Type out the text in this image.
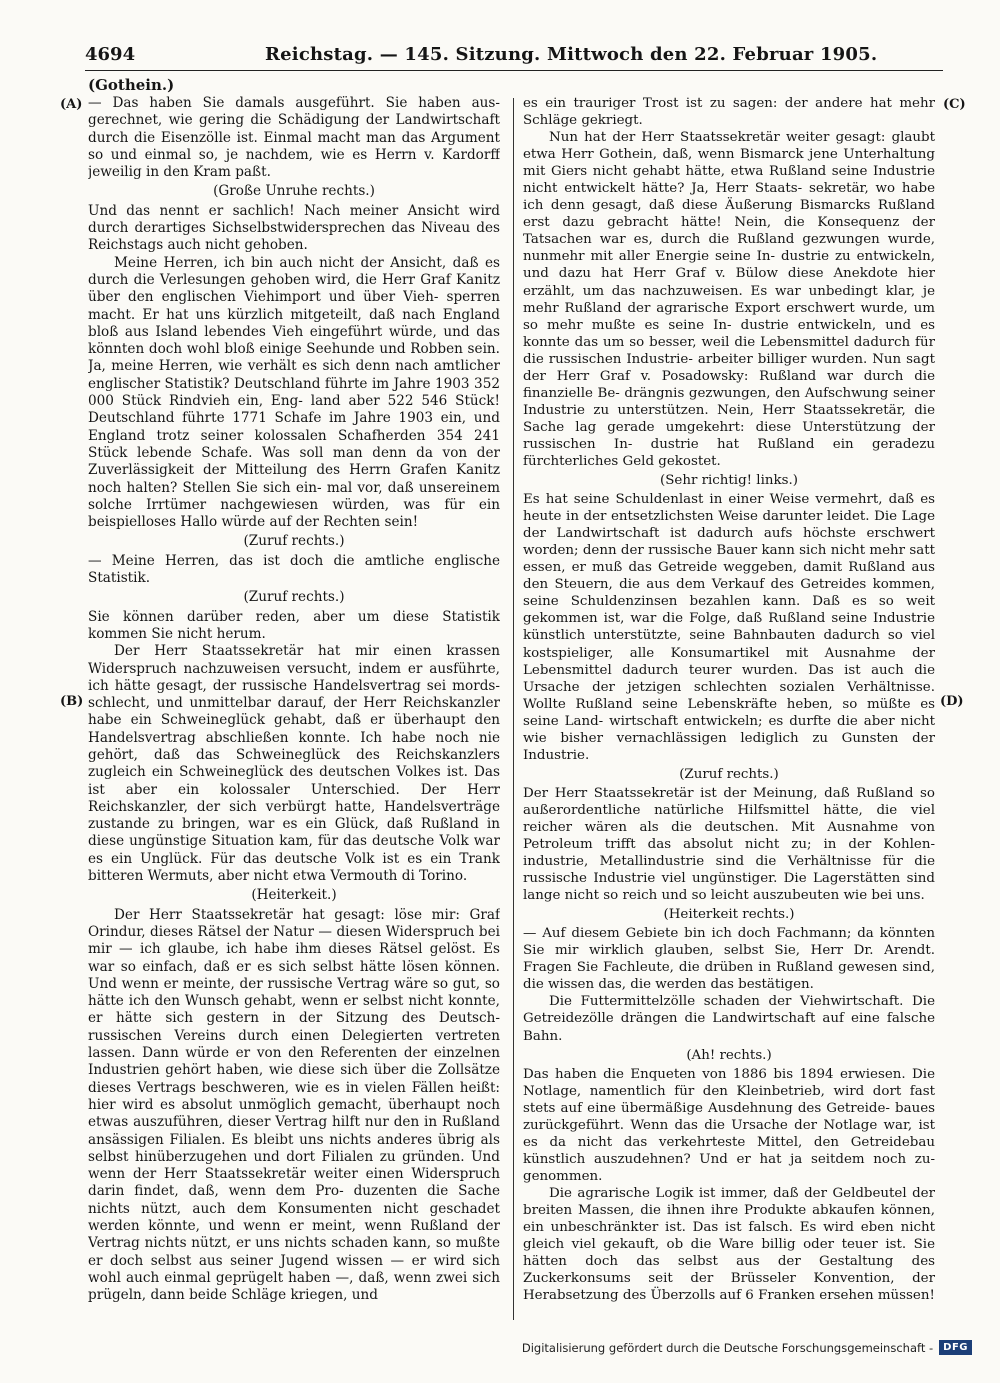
4694	Reichstag. — 145. Sitzung. Mittwoch den 22. Februar 1905.
(Gothein.)
(A)
(B)
(C)
(D)

— Das haben Sie damals ausgeführt. Sie haben aus- gerechnet, wie gering die Schädigung der Landwirtschaft durch die Eisenzölle ist. Einmal macht man das Argument so und einmal so, je nachdem, wie es Herrn v. Kardorff jeweilig in den Kram paßt.

(Große Unruhe rechts.)

Und das nennt er sachlich! Nach meiner Ansicht wird durch derartiges Sichselbstwidersprechen das Niveau des Reichstags auch nicht gehoben.

Meine Herren, ich bin auch nicht der Ansicht, daß es durch die Verlesungen gehoben wird, die Herr Graf Kanitz über den englischen Viehimport und über Vieh- sperren macht. Er hat uns kürzlich mitgeteilt, daß nach England bloß aus Island lebendes Vieh eingeführt würde, und das könnten doch wohl bloß einige Seehunde und Robben sein. Ja, meine Herren, wie verhält es sich denn nach amtlicher englischer Statistik? Deutschland führte im Jahre 1903 352 000 Stück Rindvieh ein, Eng- land aber 522 546 Stück! Deutschland führte 1771 Schafe im Jahre 1903 ein, und England trotz seiner kolossalen Schafherden 354 241 Stück lebende Schafe. Was soll man denn da von der Zuverlässigkeit der Mitteilung des Herrn Grafen Kanitz noch halten? Stellen Sie sich ein- mal vor, daß unsereinem solche Irrtümer nachgewiesen würden, was für ein beispielloses Hallo würde auf der Rechten sein!

(Zuruf rechts.)

— Meine Herren, das ist doch die amtliche englische Statistik.

(Zuruf rechts.)

Sie können darüber reden, aber um diese Statistik kommen Sie nicht herum.

Der Herr Staatssekretär hat mir einen krassen Widerspruch nachzuweisen versucht, indem er ausführte, ich hätte gesagt, der russische Handelsvertrag sei mords- schlecht, und unmittelbar darauf, der Herr Reichskanzler habe ein Schweineglück gehabt, daß er überhaupt den Handelsvertrag abschließen konnte. Ich habe noch nie gehört, daß das Schweineglück des Reichskanzlers zugleich ein Schweineglück des deutschen Volkes ist. Das ist aber ein kolossaler Unterschied. Der Herr Reichskanzler, der sich verbürgt hatte, Handelsverträge zustande zu bringen, war es ein Glück, daß Rußland in diese ungünstige Situation kam, für das deutsche Volk war es ein Unglück. Für das deutsche Volk ist es ein Trank bitteren Wermuts, aber nicht etwa Vermouth di Torino.

(Heiterkeit.)

Der Herr Staatssekretär hat gesagt: löse mir: Graf Orindur, dieses Rätsel der Natur — diesen Widerspruch bei mir — ich glaube, ich habe ihm dieses Rätsel gelöst. Es war so einfach, daß er es sich selbst hätte lösen können. Und wenn er meinte, der russische Vertrag wäre so gut, so hätte ich den Wunsch gehabt, wenn er selbst nicht konnte, er hätte sich gestern in der Sitzung des Deutsch-russischen Vereins durch einen Delegierten vertreten lassen. Dann würde er von den Referenten der einzelnen Industrien gehört haben, wie diese sich über die Zollsätze dieses Vertrags beschweren, wie es in vielen Fällen heißt: hier wird es absolut unmöglich gemacht, überhaupt noch etwas auszuführen, dieser Vertrag hilft nur den in Rußland ansässigen Filialen. Es bleibt uns nichts anderes übrig als selbst hinüberzugehen und dort Filialen zu gründen. Und wenn der Herr Staatssekretär weiter einen Widerspruch darin findet, daß, wenn dem Pro- duzenten die Sache nichts nützt, auch dem Konsumenten nicht geschadet werden könnte, und wenn er meint, wenn Rußland der Vertrag nichts nützt, er uns nichts schaden kann, so mußte er doch selbst aus seiner Jugend wissen — er wird sich wohl auch einmal geprügelt haben —, daß, wenn zwei sich prügeln, dann beide Schläge kriegen, und

es ein trauriger Trost ist zu sagen: der andere hat mehr Schläge gekriegt.

Nun hat der Herr Staatssekretär weiter gesagt: glaubt etwa Herr Gothein, daß, wenn Bismarck jene Unterhaltung mit Giers nicht gehabt hätte, etwa Rußland seine Industrie nicht entwickelt hätte? Ja, Herr Staats- sekretär, wo habe ich denn gesagt, daß diese Äußerung Bismarcks Rußland erst dazu gebracht hätte! Nein, die Konsequenz der Tatsachen war es, durch die Rußland gezwungen wurde, nunmehr mit aller Energie seine In- dustrie zu entwickeln, und dazu hat Herr Graf v. Bülow diese Anekdote hier erzählt, um das nachzuweisen. Es war unbedingt klar, je mehr Rußland der agrarische Export erschwert wurde, um so mehr mußte es seine In- dustrie entwickeln, und es konnte das um so besser, weil die Lebensmittel dadurch für die russischen Industrie- arbeiter billiger wurden. Nun sagt der Herr Graf v. Posadowsky: Rußland war durch die finanzielle Be- drängnis gezwungen, den Aufschwung seiner Industrie zu unterstützen. Nein, Herr Staatssekretär, die Sache lag gerade umgekehrt: diese Unterstützung der russischen In- dustrie hat Rußland ein geradezu fürchterliches Geld gekostet.

(Sehr richtig! links.)

Es hat seine Schuldenlast in einer Weise vermehrt, daß es heute in der entsetzlichsten Weise darunter leidet. Die Lage der Landwirtschaft ist dadurch aufs höchste erschwert worden; denn der russische Bauer kann sich nicht mehr satt essen, er muß das Getreide weggeben, damit Rußland aus den Steuern, die aus dem Verkauf des Getreides kommen, seine Schuldenzinsen bezahlen kann. Daß es so weit gekommen ist, war die Folge, daß Rußland seine Industrie künstlich unterstützte, seine Bahnbauten dadurch so viel kostspieliger, alle Konsumartikel mit Ausnahme der Lebensmittel dadurch teurer wurden. Das ist auch die Ursache der jetzigen schlechten sozialen Verhältnisse. Wollte Rußland seine Lebenskräfte heben, so müßte es seine Land- wirtschaft entwickeln; es durfte die aber nicht wie bisher vernachlässigen lediglich zu Gunsten der Industrie.

(Zuruf rechts.)

Der Herr Staatssekretär ist der Meinung, daß Rußland so außerordentliche natürliche Hilfsmittel hätte, die viel reicher wären als die deutschen. Mit Ausnahme von Petroleum trifft das absolut nicht zu; in der Kohlen- industrie, Metallindustrie sind die Verhältnisse für die russische Industrie viel ungünstiger. Die Lagerstätten sind lange nicht so reich und so leicht auszubeuten wie bei uns.

(Heiterkeit rechts.)

— Auf diesem Gebiete bin ich doch Fachmann; da könnten Sie mir wirklich glauben, selbst Sie, Herr Dr. Arendt. Fragen Sie Fachleute, die drüben in Rußland gewesen sind, die wissen das, die werden das bestätigen.

Die Futtermittelzölle schaden der Viehwirtschaft. Die Getreidezölle drängen die Landwirtschaft auf eine falsche Bahn.

(Ah! rechts.)

Das haben die Enqueten von 1886 bis 1894 erwiesen. Die Notlage, namentlich für den Kleinbetrieb, wird dort fast stets auf eine übermäßige Ausdehnung des Getreide- baues zurückgeführt. Wenn das die Ursache der Notlage war, ist es da nicht das verkehrteste Mittel, den Getreidebau künstlich auszudehnen? Und er hat ja seitdem noch zu- genommen.

Die agrarische Logik ist immer, daß der Geldbeutel der breiten Massen, die ihnen ihre Produkte abkaufen können, ein unbeschränkter ist. Das ist falsch. Es wird eben nicht gleich viel gekauft, ob die Ware billig oder teuer ist. Sie hätten doch das selbst aus der Gestaltung des Zuckerkonsums seit der Brüsseler Konvention, der Herabsetzung des Überzolls auf 6 Franken ersehen müssen!

Digitalisierung gefördert durch die Deutsche Forschungsgemeinschaft -	DFG
